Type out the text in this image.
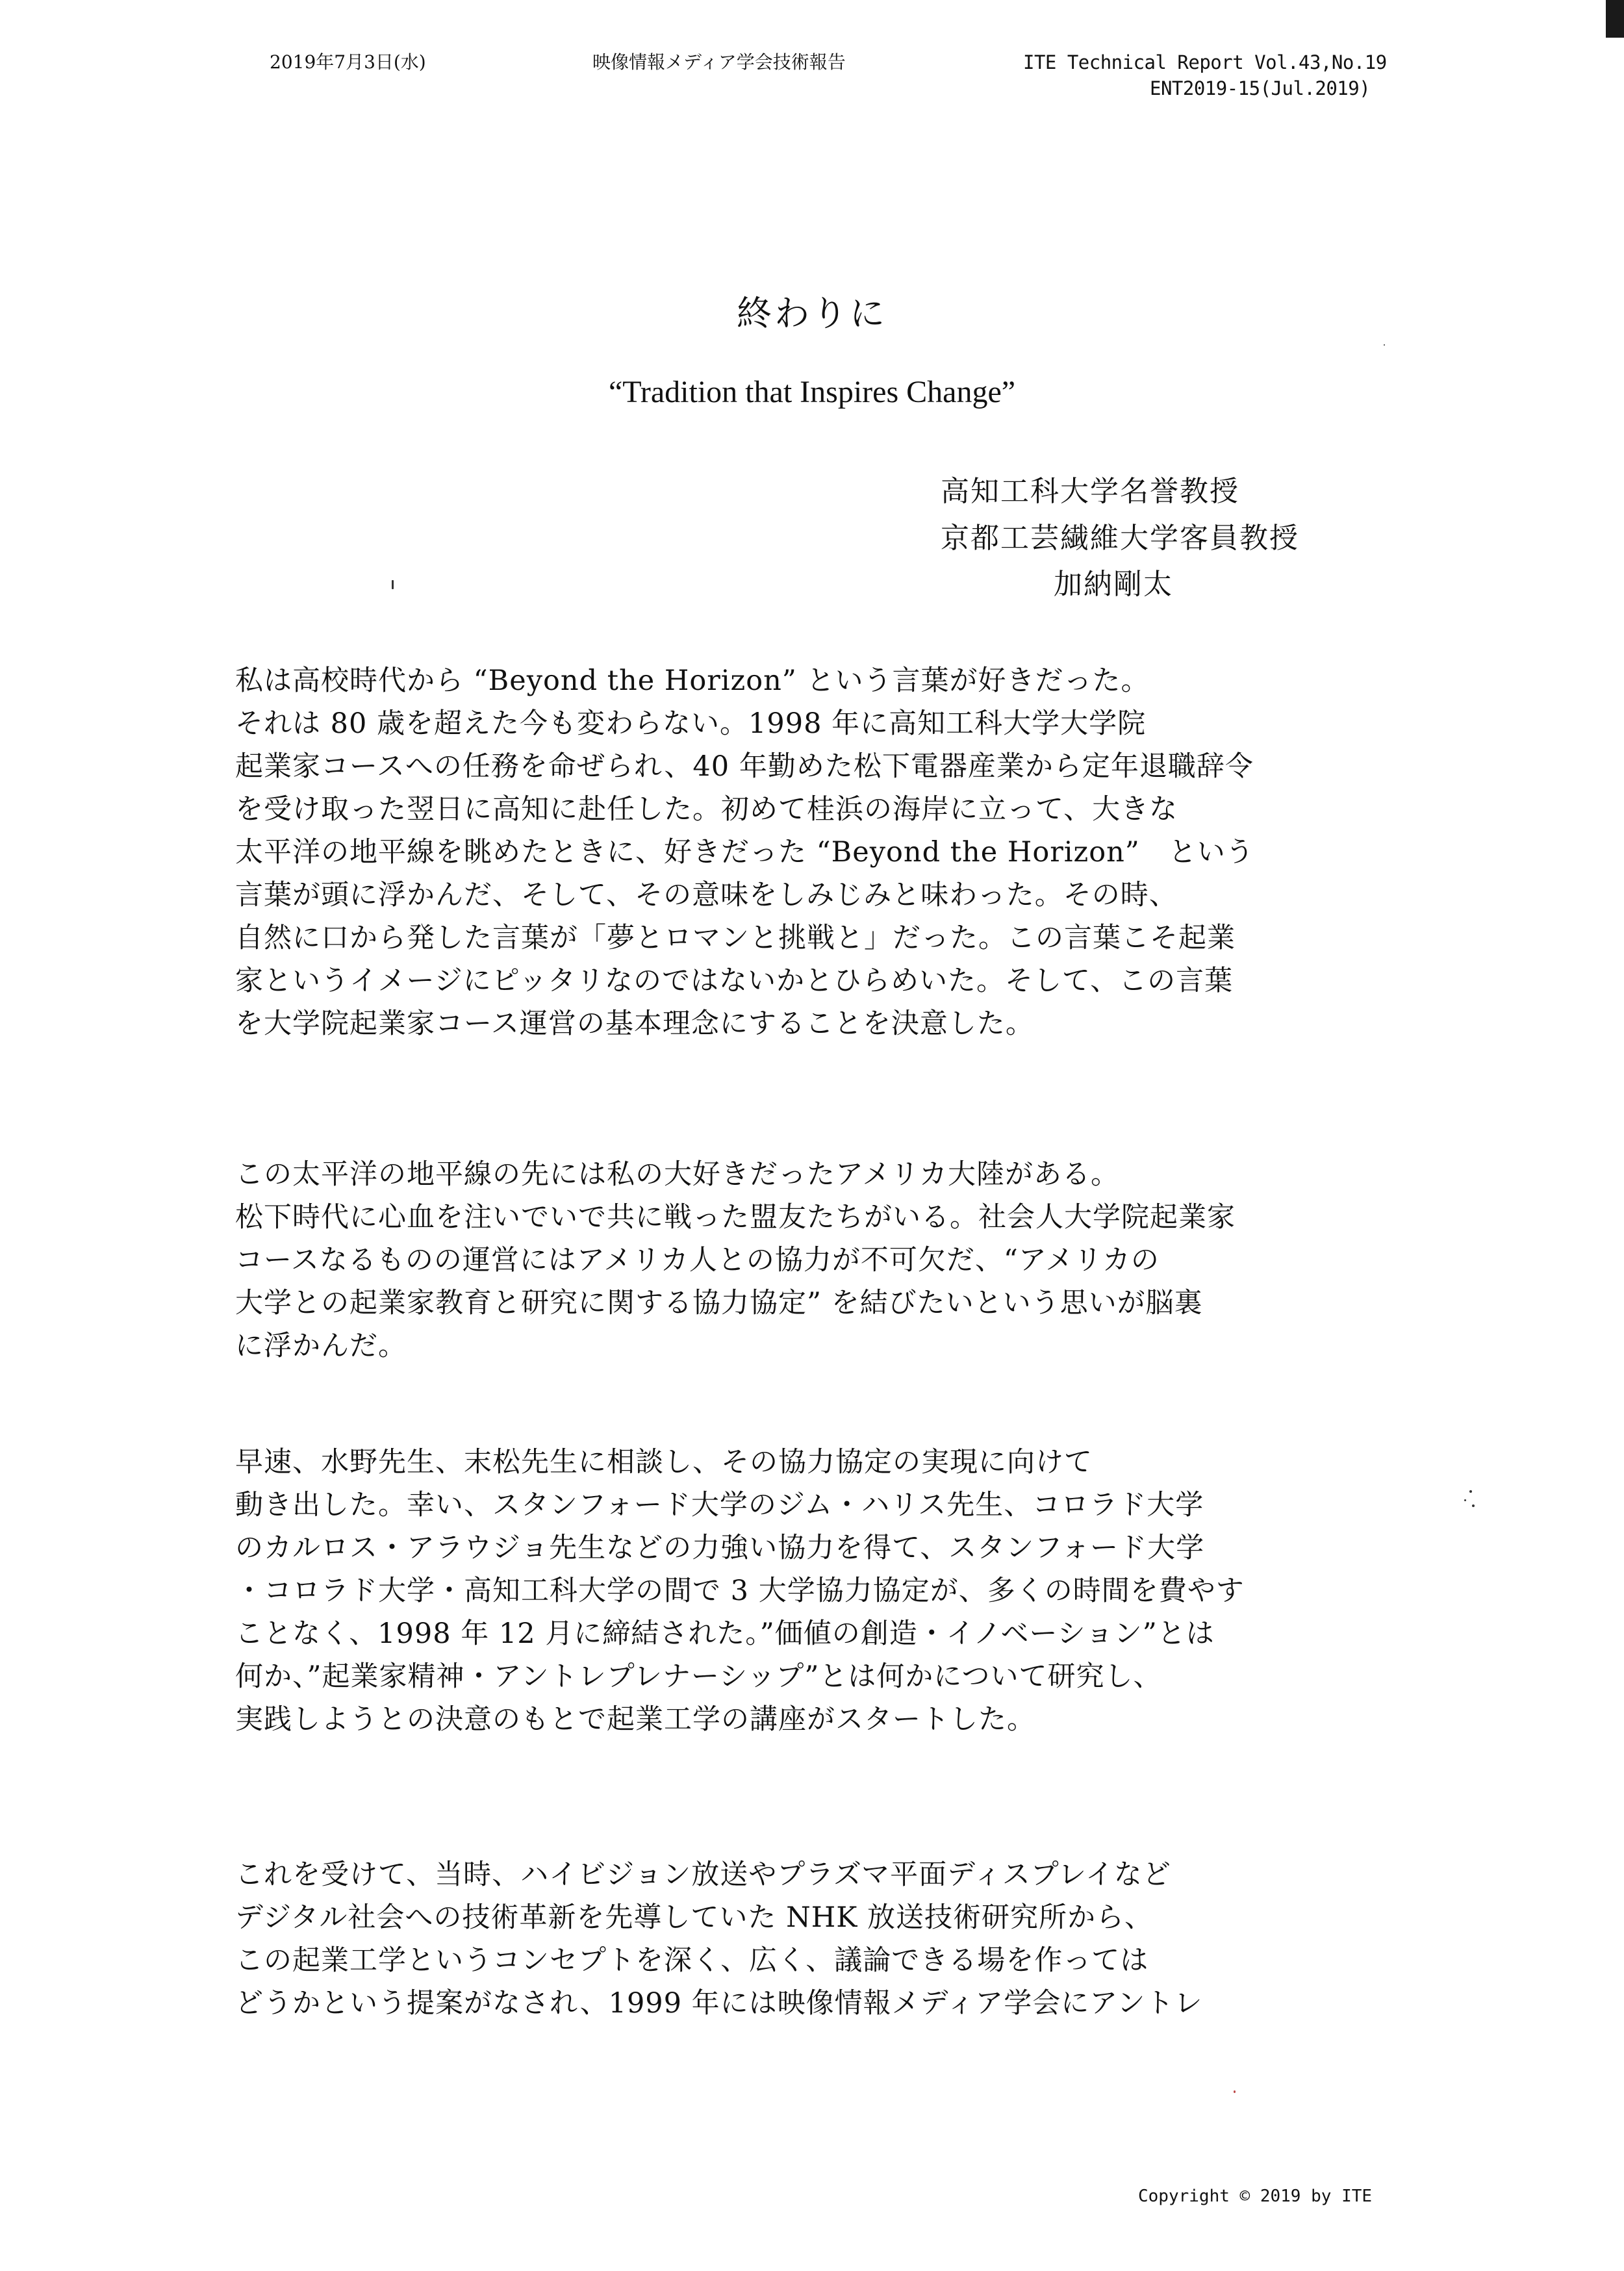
2019年7月3日(水)	映像情報メディア学会技術報告	ITE Technical Report Vol.43,No.19
ENT2019-15(Jul.2019)
終わりに
“Tradition that Inspires Change”
高知工科大学名誉教授
京都工芸繊維大学客員教授
加納剛太
私は高校時代から “Beyond the Horizon” という言葉が好きだった。
それは 80 歳を超えた今も変わらない。1998 年に高知工科大学大学院
起業家コースへの任務を命ぜられ、40 年勤めた松下電器産業から定年退職辞令
を受け取った翌日に高知に赴任した。初めて桂浜の海岸に立って、大きな
太平洋の地平線を眺めたときに、好きだった “Beyond the Horizon”　という
言葉が頭に浮かんだ、そして、その意味をしみじみと味わった。その時、
自然に口から発した言葉が「夢とロマンと挑戦と」だった。この言葉こそ起業
家というイメージにピッタリなのではないかとひらめいた。そして、この言葉
を大学院起業家コース運営の基本理念にすることを決意した。
この太平洋の地平線の先には私の大好きだったアメリカ大陸がある。
松下時代に心血を注いでいで共に戦った盟友たちがいる。社会人大学院起業家
コースなるものの運営にはアメリカ人との協力が不可欠だ、“アメリカの
大学との起業家教育と研究に関する協力協定” を結びたいという思いが脳裏
に浮かんだ。
早速、水野先生、末松先生に相談し、その協力協定の実現に向けて
動き出した。幸い、スタンフォード大学のジム・ハリス先生、コロラド大学
のカルロス・アラウジョ先生などの力強い協力を得て、スタンフォード大学
・コロラド大学・高知工科大学の間で 3 大学協力協定が、多くの時間を費やす
ことなく、1998 年 12 月に締結された。”価値の創造・イノベーション”とは
何か、”起業家精神・アントレプレナーシップ”とは何かについて研究し、
実践しようとの決意のもとで起業工学の講座がスタートした。
これを受けて、当時、ハイビジョン放送やプラズマ平面ディスプレイなど
デジタル社会への技術革新を先導していた NHK 放送技術研究所から、
この起業工学というコンセプトを深く、広く、議論できる場を作っては
どうかという提案がなされ、1999 年には映像情報メディア学会にアントレ
Copyright © 2019 by ITE
